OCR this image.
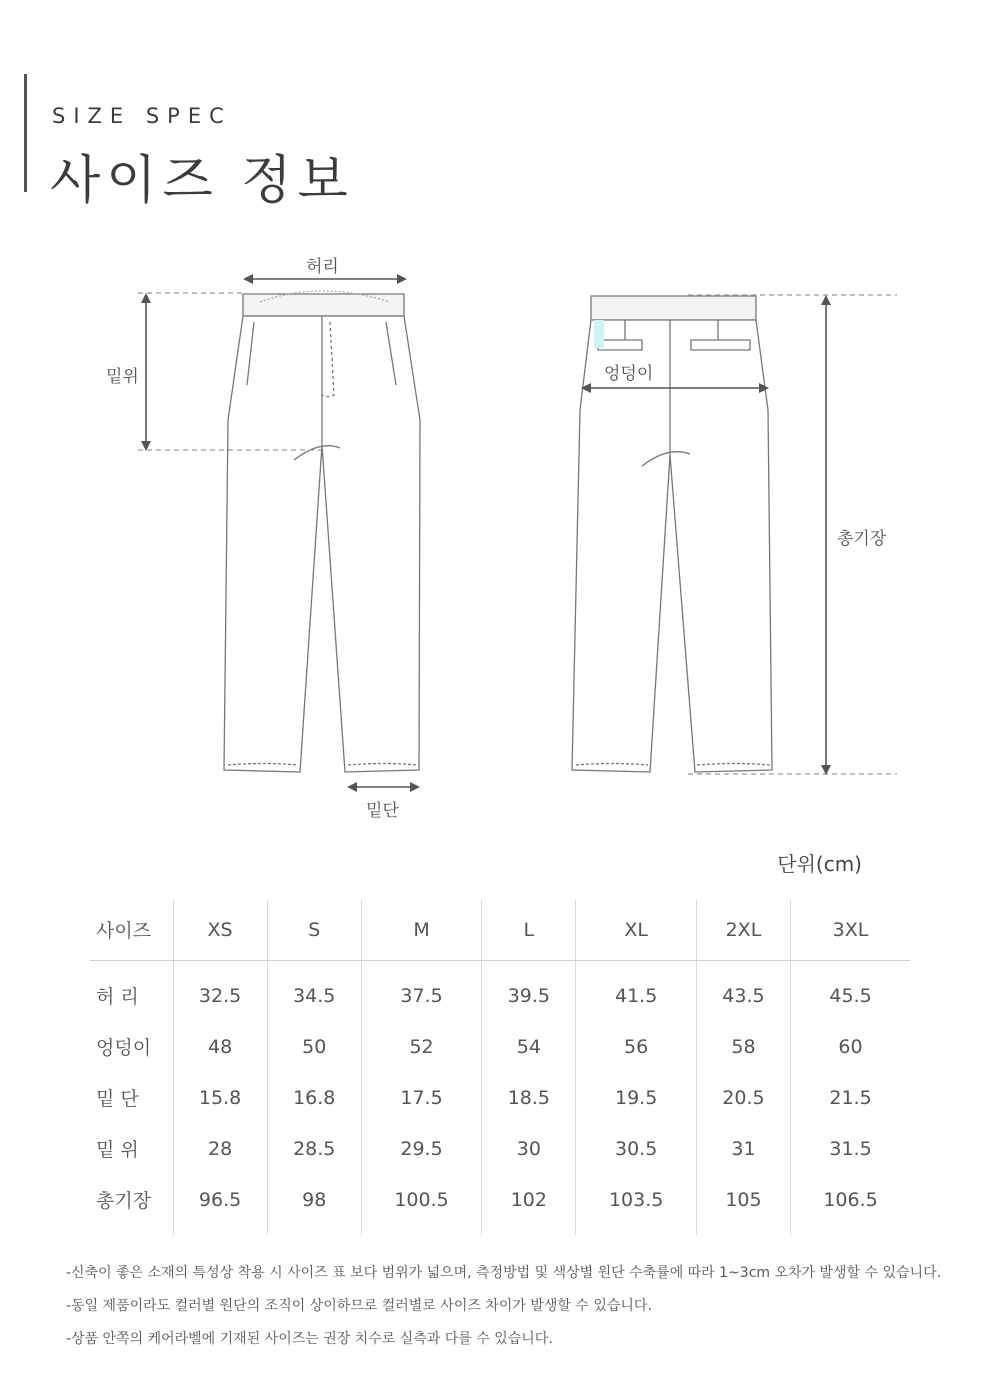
SIZE SPEC
사이즈 정보
허리
밑위
밑단
엉덩이
총기장
단위(cm)
사이즈	XS	S	M	L	XL	2XL	3XL
허 리	32.5	34.5	37.5	39.5	41.5	43.5	45.5
엉덩이	48	50	52	54	56	58	60
밑 단	15.8	16.8	17.5	18.5	19.5	20.5	21.5
밑 위	28	28.5	29.5	30	30.5	31	31.5
총기장	96.5	98	100.5	102	103.5	105	106.5
-신축이 좋은 소재의 특성상 착용 시 사이즈 표 보다 범위가 넓으며, 측정방법 및 색상별 원단 수축률에 따라 1~3cm 오차가 발생할 수 있습니다.
-동일 제품이라도 컬러별 원단의 조직이 상이하므로 컬러별로 사이즈 차이가 발생할 수 있습니다.
-상품 안쪽의 케어라벨에 기재된 사이즈는 권장 치수로 실측과 다를 수 있습니다.
